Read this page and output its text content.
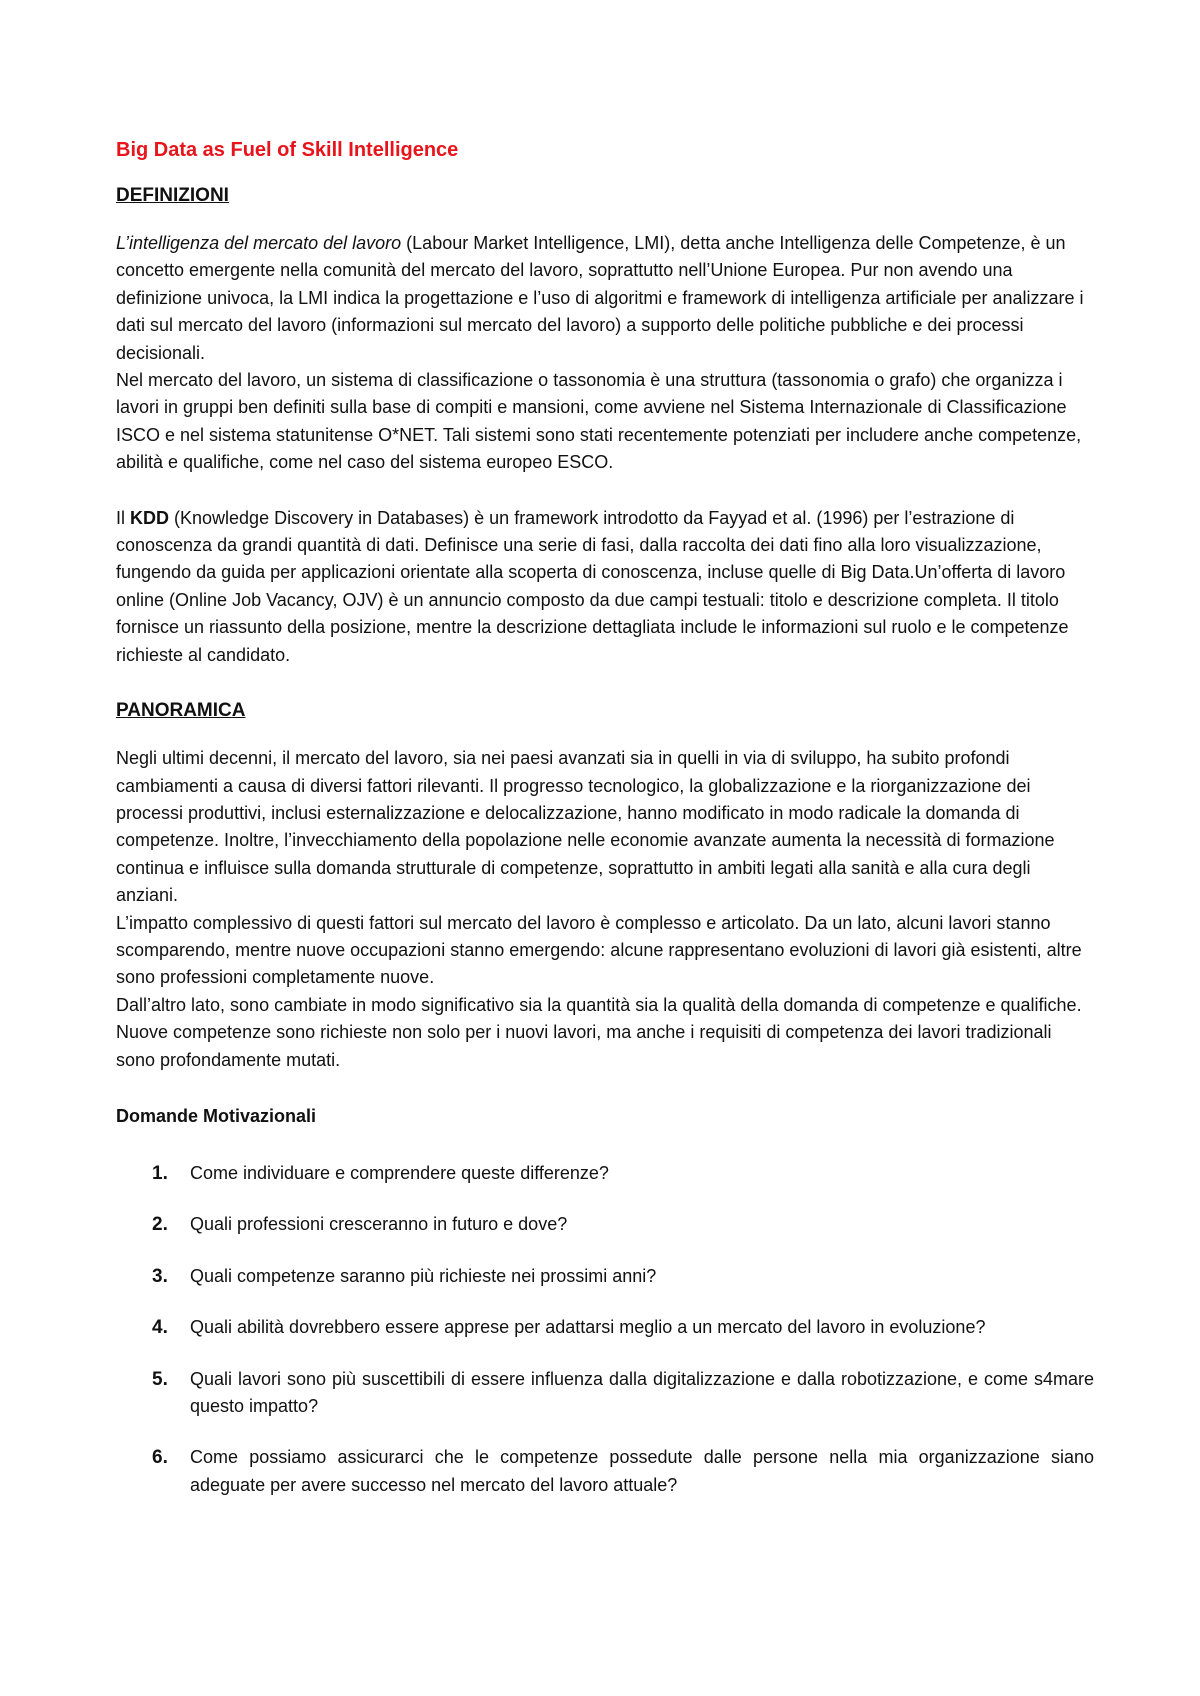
Big Data as Fuel of Skill Intelligence
DEFINIZIONI

L’intelligenza del mercato del lavoro (Labour Market Intelligence, LMI), detta anche Intelligenza delle Competenze, è un concetto emergente nella comunità del mercato del lavoro, soprattutto nell’Unione Europea. Pur non avendo una definizione univoca, la LMI indica la progettazione e l’uso di algoritmi e framework di intelligenza artificiale per analizzare i dati sul mercato del lavoro (informazioni sul mercato del lavoro) a supporto delle politiche pubbliche e dei processi decisionali.

Nel mercato del lavoro, un sistema di classificazione o tassonomia è una struttura (tassonomia o grafo) che organizza i lavori in gruppi ben definiti sulla base di compiti e mansioni, come avviene nel Sistema Internazionale di Classificazione ISCO e nel sistema statunitense O*NET. Tali sistemi sono stati recentemente potenziati per includere anche competenze, abilità e qualifiche, come nel caso del sistema europeo ESCO.

Il KDD (Knowledge Discovery in Databases) è un framework introdotto da Fayyad et al. (1996) per l’estrazione di conoscenza da grandi quantità di dati. Definisce una serie di fasi, dalla raccolta dei dati fino alla loro visualizzazione, fungendo da guida per applicazioni orientate alla scoperta di conoscenza, incluse quelle di Big Data.Un’offerta di lavoro online (Online Job Vacancy, OJV) è un annuncio composto da due campi testuali: titolo e descrizione completa. Il titolo fornisce un riassunto della posizione, mentre la descrizione dettagliata include le informazioni sul ruolo e le competenze richieste al candidato.

PANORAMICA

Negli ultimi decenni, il mercato del lavoro, sia nei paesi avanzati sia in quelli in via di sviluppo, ha subito profondi cambiamenti a causa di diversi fattori rilevanti. Il progresso tecnologico, la globalizzazione e la riorganizzazione dei processi produttivi, inclusi esternalizzazione e delocalizzazione, hanno modificato in modo radicale la domanda di competenze. Inoltre, l’invecchiamento della popolazione nelle economie avanzate aumenta la necessità di formazione continua e influisce sulla domanda strutturale di competenze, soprattutto in ambiti legati alla sanità e alla cura degli anziani.

L’impatto complessivo di questi fattori sul mercato del lavoro è complesso e articolato. Da un lato, alcuni lavori stanno scomparendo, mentre nuove occupazioni stanno emergendo: alcune rappresentano evoluzioni di lavori già esistenti, altre sono professioni completamente nuove.

Dall’altro lato, sono cambiate in modo significativo sia la quantità sia la qualità della domanda di competenze e qualifiche. Nuove competenze sono richieste non solo per i nuovi lavori, ma anche i requisiti di competenza dei lavori tradizionali sono profondamente mutati.

Domande Motivazionali
1. Come individuare e comprendere queste differenze?
2. Quali professioni cresceranno in futuro e dove?
3. Quali competenze saranno più richieste nei prossimi anni?
4. Quali abilità dovrebbero essere apprese per adattarsi meglio a un mercato del lavoro in evoluzione?
5. Quali lavori sono più suscettibili di essere influenza dalla digitalizzazione e dalla robotizzazione, e come s4mare questo impatto?
6. Come possiamo assicurarci che le competenze possedute dalle persone nella mia organizzazione siano adeguate per avere successo nel mercato del lavoro attuale?
